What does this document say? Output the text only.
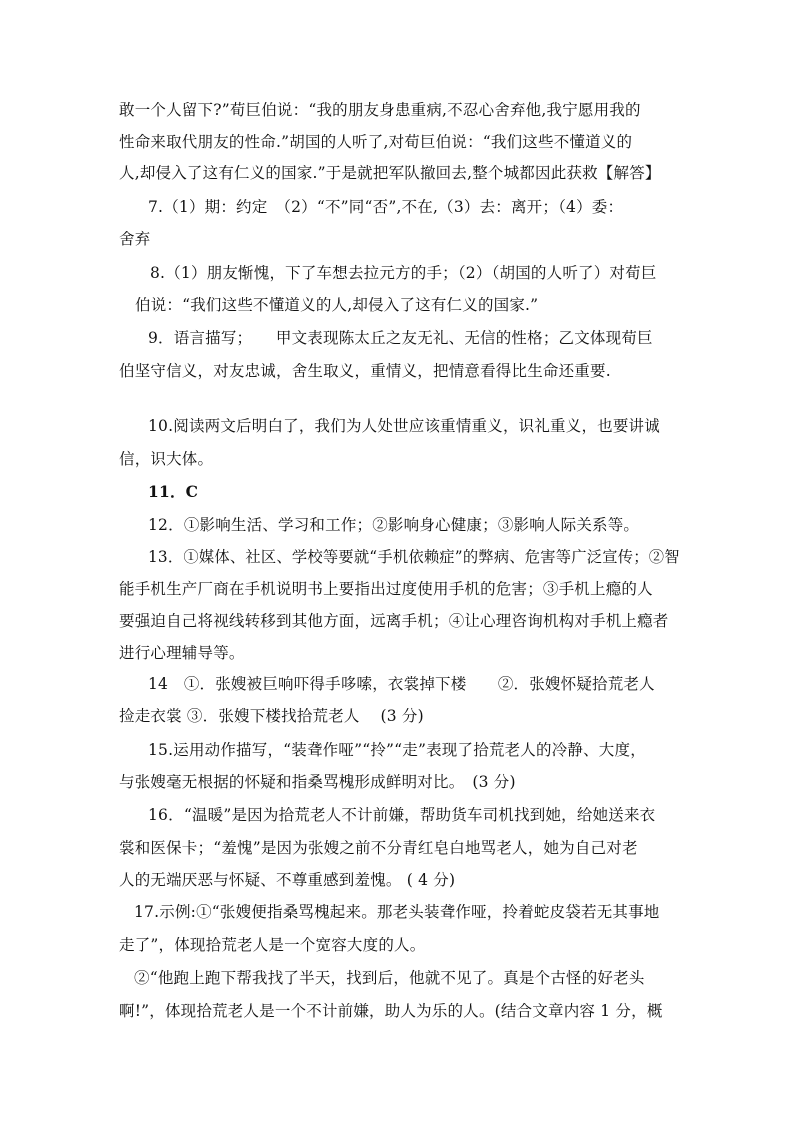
敢一个人留下?”荀巨伯说：“我的朋友身患重病,不忍心舍弃他,我宁愿用我的
性命来取代朋友的性命.”胡国的人听了,对荀巨伯说：“我们这些不懂道义的
人,却侵入了这有仁义的国家.”于是就把军队撤回去,整个城都因此获救【解答】
7.（1）期：约定　（2）“不”同“否”,不在,（3）去：离开；（4）委：
舍弃
8.（1）朋友惭愧，下了车想去拉元方的手；（2）（胡国的人听了）对荀巨
伯说：“我们这些不懂道义的人,却侵入了这有仁义的国家.”
9．语言描写；　　甲文表现陈太丘之友无礼、无信的性格；乙文体现荀巨
伯坚守信义，对友忠诚，舍生取义，重情义，把情意看得比生命还重要.
10.阅读两文后明白了，我们为人处世应该重情重义，识礼重义，也要讲诚
信，识大体。
11．C
12．①影响生活、学习和工作；②影响身心健康；③影响人际关系等。
13．①媒体、社区、学校等要就“手机依赖症”的弊病、危害等广泛宣传；②智
能手机生产厂商在手机说明书上要指出过度使用手机的危害；③手机上瘾的人
要强迫自己将视线转移到其他方面，远离手机；④让心理咨询机构对手机上瘾者
进行心理辅导等。
14　①．张嫂被巨响吓得手哆嗦，衣裳掉下楼　　②．张嫂怀疑拾荒老人
捡走衣裳 ③．张嫂下楼找拾荒老人　 (3 分)
15.运用动作描写，“装聋作哑”“拎”“走”表现了拾荒老人的冷静、大度，
与张嫂毫无根据的怀疑和指桑骂槐形成鲜明对比。　(3 分)
16．“温暖”是因为拾荒老人不计前嫌，帮助货车司机找到她，给她送来衣
裳和医保卡；“羞愧”是因为张嫂之前不分青红皂白地骂老人，她为自己对老
人的无端厌恶与怀疑、不尊重感到羞愧。 ( 4 分)
17.示例:①“张嫂便指桑骂槐起来。那老头装聋作哑，拎着蛇皮袋若无其事地
走了”，体现拾荒老人是一个宽容大度的人。
②“他跑上跑下帮我找了半天，找到后，他就不见了。真是个古怪的好老头
啊!”，体现拾荒老人是一个不计前嫌，助人为乐的人。(结合文章内容 1 分，概
